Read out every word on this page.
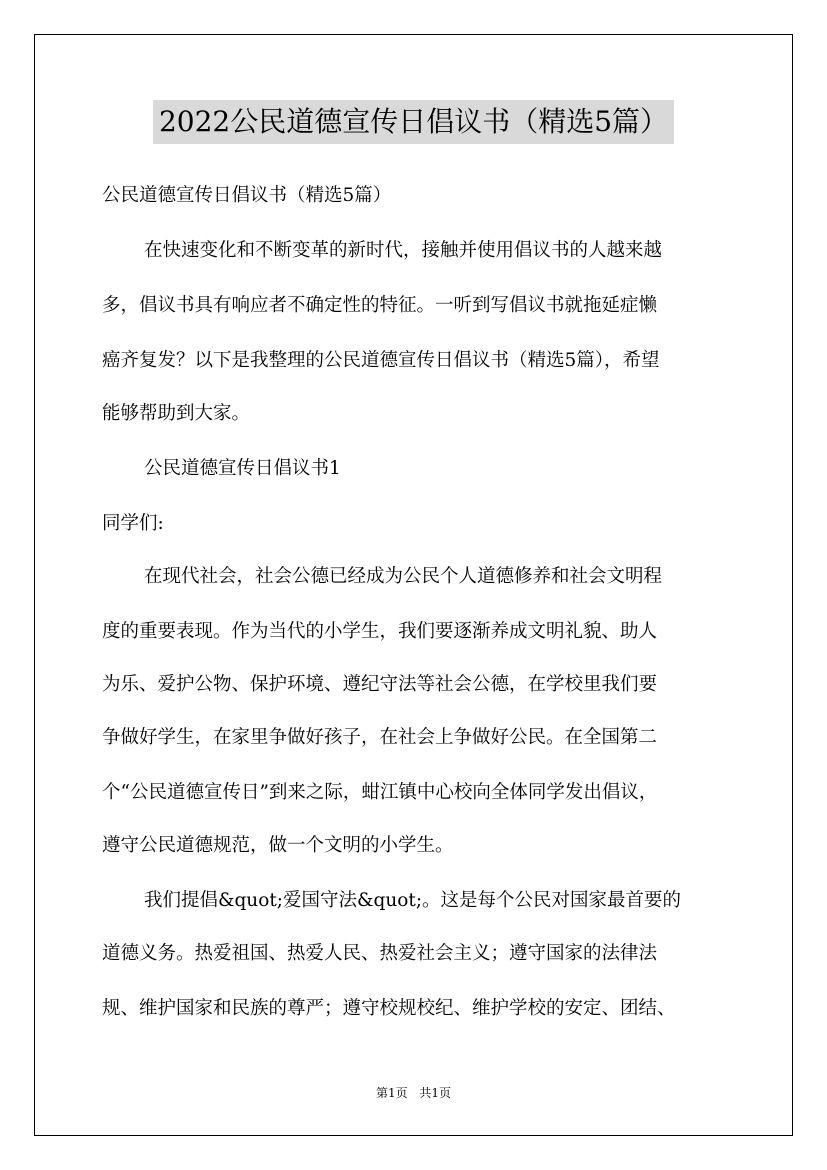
2022公民道德宣传日倡议书（精选5篇）

公民道德宣传日倡议书（精选5篇）

在快速变化和不断变革的新时代，接触并使用倡议书的人越来越

多，倡议书具有响应者不确定性的特征。一听到写倡议书就拖延症懒

癌齐复发？以下是我整理的公民道德宣传日倡议书（精选5篇），希望

能够帮助到大家。

公民道德宣传日倡议书1

同学们:

在现代社会，社会公德已经成为公民个人道德修养和社会文明程

度的重要表现。作为当代的小学生，我们要逐渐养成文明礼貌、助人

为乐、爱护公物、保护环境、遵纪守法等社会公德，在学校里我们要

争做好学生，在家里争做好孩子，在社会上争做好公民。在全国第二

个“公民道德宣传日”到来之际，蚶江镇中心校向全体同学发出倡议，

遵守公民道德规范，做一个文明的小学生。

我们提倡&quot;爱国守法&quot;。这是每个公民对国家最首要的

道德义务。热爱祖国、热爱人民、热爱社会主义；遵守国家的法律法

规、维护国家和民族的尊严；遵守校规校纪、维护学校的安定、团结、

第1页 共1页
